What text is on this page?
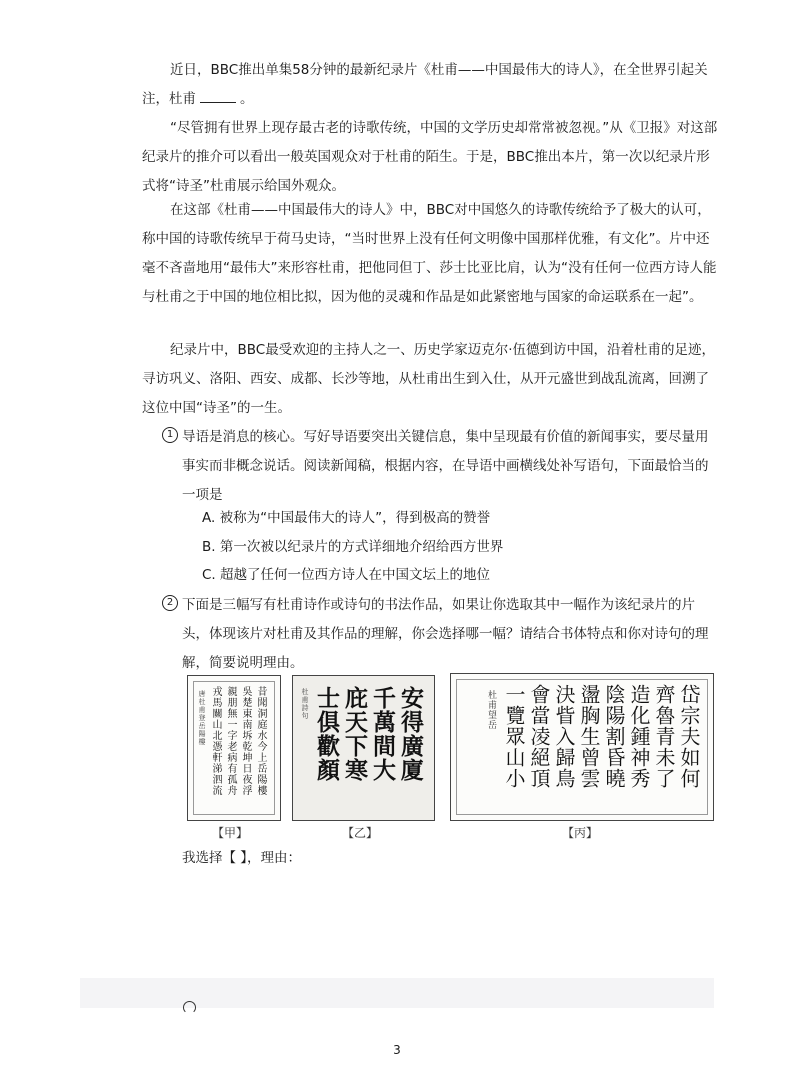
近日，BBC推出单集58分钟的最新纪录片《杜甫——中国最伟大的诗人》，在全世界引起关注，杜甫	。

“尽管拥有世界上现存最古老的诗歌传统，中国的文学历史却常常被忽视。”从《卫报》对这部纪录片的推介可以看出一般英国观众对于杜甫的陌生。于是，BBC推出本片，第一次以纪录片形式将“诗圣”杜甫展示给国外观众。

在这部《杜甫——中国最伟大的诗人》中，BBC对中国悠久的诗歌传统给予了极大的认可，称中国的诗歌传统早于荷马史诗，“当时世界上没有任何文明像中国那样优雅，有文化”。片中还毫不吝啬地用“最伟大”来形容杜甫，把他同但丁、莎士比亚比肩，认为“没有任何一位西方诗人能与杜甫之于中国的地位相比拟，因为他的灵魂和作品是如此紧密地与国家的命运联系在一起”。

纪录片中，BBC最受欢迎的主持人之一、历史学家迈克尔·伍德到访中国，沿着杜甫的足迹，寻访巩义、洛阳、西安、成都、长沙等地，从杜甫出生到入仕，从开元盛世到战乱流离，回溯了这位中国“诗圣”的一生。

1 导语是消息的核心。写好导语要突出关键信息，集中呈现最有价值的新闻事实，要尽量用事实而非概念说话。阅读新闻稿，根据内容，在导语中画横线处补写语句，下面最恰当的一项是
A. 被称为“中国最伟大的诗人”，得到极高的赞誉
B. 第一次被以纪录片的方式详细地介绍给西方世界
C. 超越了任何一位西方诗人在中国文坛上的地位
2 下面是三幅写有杜甫诗作或诗句的书法作品，如果让你选取其中一幅作为该纪录片的片头，体现该片对杜甫及其作品的理解，你会选择哪一幅？请结合书体特点和你对诗句的理解，简要说明理由。
昔聞洞庭水今上岳陽樓
吳楚東南坼乾坤日夜浮
親朋無一字老病有孤舟
戎馬關山北憑軒涕泗流
唐杜甫登岳陽樓
【甲】
安得廣廈
千萬間大
庇天下寒
士俱歡顏
杜甫詩句
【乙】
岱宗夫如何
齊魯青未了
造化鍾神秀
陰陽割昏曉
盪胸生曾雲
決眥入歸鳥
會當凌絕頂
一覽眾山小
杜甫望岳
【丙】
我选择【 】，理由：
3
